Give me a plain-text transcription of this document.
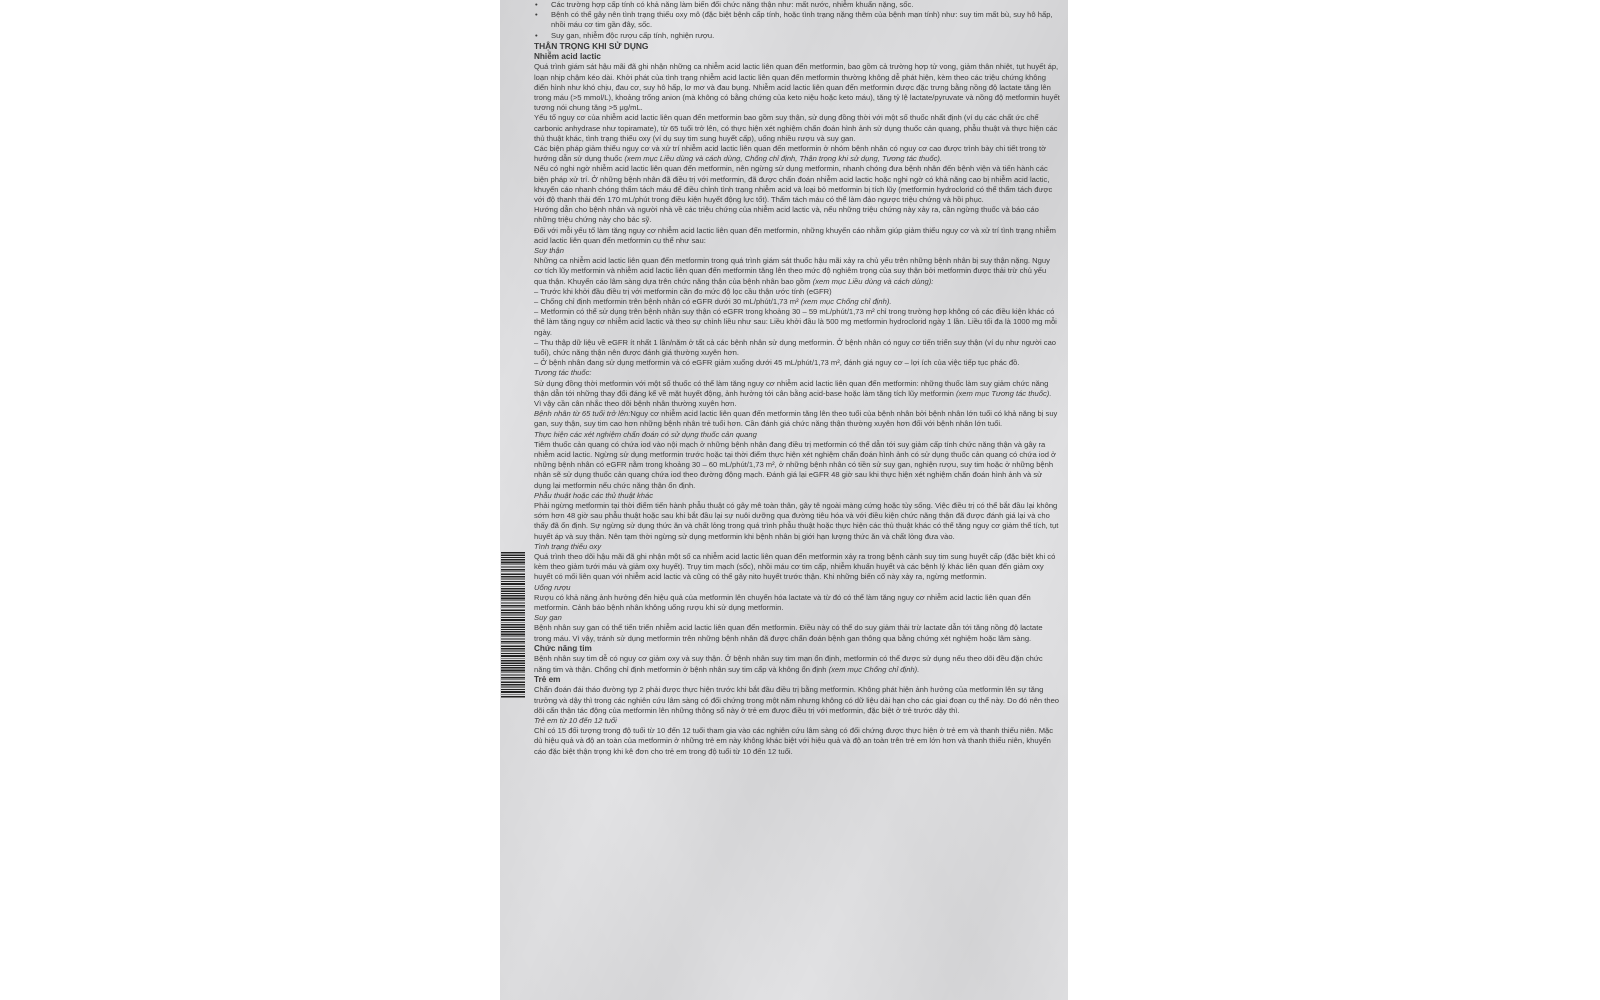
• Các trường hợp cấp tính có khả năng làm biến đổi chức năng thận như: mất nước, nhiễm khuẩn nặng, sốc.

• Bệnh có thể gây nên tình trạng thiếu oxy mô (đặc biệt bệnh cấp tính, hoặc tình trạng nặng thêm của bệnh mạn tính) như: suy tim mất bù, suy hô hấp, nhồi máu cơ tim gần đây, sốc.

• Suy gan, nhiễm độc rượu cấp tính, nghiện rượu.

THẬN TRỌNG KHI SỬ DỤNG

Nhiễm acid lactic

Quá trình giám sát hậu mãi đã ghi nhận những ca nhiễm acid lactic liên quan đến metformin, bao gồm cả trường hợp tử vong, giảm thân nhiệt, tụt huyết áp, loạn nhịp chậm kéo dài. Khởi phát của tình trạng nhiễm acid lactic liên quan đến metformin thường không dễ phát hiện, kèm theo các triệu chứng không điển hình như khó chịu, đau cơ, suy hô hấp, lơ mơ và đau bụng. Nhiễm acid lactic liên quan đến metformin được đặc trưng bằng nồng độ lactate tăng lên trong máu (>5 mmol/L), khoảng trống anion (mà không có bằng chứng của keto niệu hoặc keto máu), tăng tỷ lệ lactate/pyruvate và nồng độ metformin huyết tương nói chung tăng >5 μg/mL.

Yếu tố nguy cơ của nhiễm acid lactic liên quan đến metformin bao gồm suy thận, sử dụng đồng thời với một số thuốc nhất định (ví dụ các chất ức chế carbonic anhydrase như topiramate), từ 65 tuổi trở lên, có thực hiện xét nghiệm chẩn đoán hình ảnh sử dụng thuốc cản quang, phẫu thuật và thực hiện các thủ thuật khác, tình trạng thiếu oxy (ví dụ suy tim sung huyết cấp), uống nhiều rượu và suy gan.

Các biện pháp giảm thiểu nguy cơ và xử trí nhiễm acid lactic liên quan đến metformin ở nhóm bệnh nhân có nguy cơ cao được trình bày chi tiết trong tờ hướng dẫn sử dụng thuốc (xem mục Liều dùng và cách dùng, Chống chỉ định, Thận trọng khi sử dụng, Tương tác thuốc).

Nếu có nghi ngờ nhiễm acid lactic liên quan đến metformin, nên ngừng sử dụng metformin, nhanh chóng đưa bệnh nhân đến bệnh viện và tiến hành các biện pháp xử trí. Ở những bệnh nhân đã điều trị với metformin, đã được chẩn đoán nhiễm acid lactic hoặc nghi ngờ có khả năng cao bị nhiễm acid lactic, khuyến cáo nhanh chóng thẩm tách máu để điều chỉnh tình trạng nhiễm acid và loại bỏ metformin bị tích lũy (metformin hydroclorid có thể thẩm tách được với độ thanh thải đến 170 mL/phút trong điều kiện huyết động lực tốt). Thẩm tách máu có thể làm đảo ngược triệu chứng và hồi phục.

Hướng dẫn cho bệnh nhân và người nhà về các triệu chứng của nhiễm acid lactic và, nếu những triệu chứng này xảy ra, cần ngừng thuốc và báo cáo những triệu chứng này cho bác sỹ.

Đối với mỗi yếu tố làm tăng nguy cơ nhiễm acid lactic liên quan đến metformin, những khuyến cáo nhằm giúp giảm thiểu nguy cơ và xử trí tình trạng nhiễm acid lactic liên quan đến metformin cụ thể như sau:

Suy thận

Những ca nhiễm acid lactic liên quan đến metformin trong quá trình giám sát thuốc hậu mãi xảy ra chủ yếu trên những bệnh nhân bị suy thận nặng. Nguy cơ tích lũy metformin và nhiễm acid lactic liên quan đến metformin tăng lên theo mức độ nghiêm trọng của suy thận bởi metformin được thải trừ chủ yếu qua thận. Khuyến cáo lâm sàng dựa trên chức năng thận của bệnh nhân bao gồm (xem mục Liều dùng và cách dùng):

– Trước khi khởi đầu điều trị với metformin cần đo mức độ lọc cầu thận ước tính (eGFR)

– Chống chỉ định metformin trên bệnh nhân có eGFR dưới 30 mL/phút/1,73 m² (xem mục Chống chỉ định).

– Metformin có thể sử dụng trên bệnh nhân suy thận có eGFR trong khoảng 30 – 59 mL/phút/1,73 m² chỉ trong trường hợp không có các điều kiện khác có thể làm tăng nguy cơ nhiễm acid lactic và theo sự chỉnh liều như sau: Liều khởi đầu là 500 mg metformin hydroclorid ngày 1 lần. Liều tối đa là 1000 mg mỗi ngày.

– Thu thập dữ liệu về eGFR ít nhất 1 lần/năm ở tất cả các bệnh nhân sử dụng metformin. Ở bệnh nhân có nguy cơ tiến triển suy thận (ví dụ như người cao tuổi), chức năng thận nên được đánh giá thường xuyên hơn.

– Ở bệnh nhân đang sử dụng metformin và có eGFR giảm xuống dưới 45 mL/phút/1,73 m², đánh giá nguy cơ – lợi ích của việc tiếp tục phác đồ.

Tương tác thuốc:

Sử dụng đồng thời metformin với một số thuốc có thể làm tăng nguy cơ nhiễm acid lactic liên quan đến metformin: những thuốc làm suy giảm chức năng thận dẫn tới những thay đổi đáng kể về mặt huyết động, ảnh hưởng tới cân bằng acid-base hoặc làm tăng tích lũy metformin (xem mục Tương tác thuốc). Vì vậy cần cân nhắc theo dõi bệnh nhân thường xuyên hơn.

Bệnh nhân từ 65 tuổi trở lên:Nguy cơ nhiễm acid lactic liên quan đến metformin tăng lên theo tuổi của bệnh nhân bởi bệnh nhân lớn tuổi có khả năng bị suy gan, suy thận, suy tim cao hơn những bệnh nhân trẻ tuổi hơn. Cần đánh giá chức năng thận thường xuyên hơn đối với bệnh nhân lớn tuổi.

Thực hiện các xét nghiệm chẩn đoán có sử dụng thuốc cản quang

Tiêm thuốc cản quang có chứa iod vào nội mạch ở những bệnh nhân đang điều trị metformin có thể dẫn tới suy giảm cấp tính chức năng thận và gây ra nhiễm acid lactic. Ngừng sử dụng metformin trước hoặc tại thời điểm thực hiện xét nghiệm chẩn đoán hình ảnh có sử dụng thuốc cản quang có chứa iod ở những bệnh nhân có eGFR nằm trong khoảng 30 – 60 mL/phút/1,73 m², ở những bệnh nhân có tiền sử suy gan, nghiện rượu, suy tim hoặc ở những bệnh nhân sẽ sử dụng thuốc cản quang chứa iod theo đường động mạch. Đánh giá lại eGFR 48 giờ sau khi thực hiện xét nghiệm chẩn đoán hình ảnh và sử dụng lại metformin nếu chức năng thận ổn định.

Phẫu thuật hoặc các thủ thuật khác

Phải ngừng metformin tại thời điểm tiến hành phẫu thuật có gây mê toàn thân, gây tê ngoài màng cứng hoặc tủy sống. Việc điều trị có thể bắt đầu lại không sớm hơn 48 giờ sau phẫu thuật hoặc sau khi bắt đầu lại sự nuôi dưỡng qua đường tiêu hóa và với điều kiện chức năng thận đã được đánh giá lại và cho thấy đã ổn định. Sự ngừng sử dụng thức ăn và chất lỏng trong quá trình phẫu thuật hoặc thực hiện các thủ thuật khác có thể tăng nguy cơ giảm thể tích, tụt huyết áp và suy thận. Nên tạm thời ngừng sử dụng metformin khi bệnh nhân bị giới hạn lượng thức ăn và chất lỏng đưa vào.

Tình trạng thiếu oxy

Quá trình theo dõi hậu mãi đã ghi nhận một số ca nhiễm acid lactic liên quan đến metformin xảy ra trong bệnh cảnh suy tim sung huyết cấp (đặc biệt khi có kèm theo giảm tưới máu và giảm oxy huyết). Trụy tim mạch (sốc), nhồi máu cơ tim cấp, nhiễm khuẩn huyết và các bệnh lý khác liên quan đến giảm oxy huyết có mối liên quan với nhiễm acid lactic và cũng có thể gây nito huyết trước thận. Khi những biến cố này xảy ra, ngừng metformin.

Uống rượu

Rượu có khả năng ảnh hưởng đến hiệu quả của metformin lên chuyển hóa lactate và từ đó có thể làm tăng nguy cơ nhiễm acid lactic liên quan đến metformin. Cảnh báo bệnh nhân không uống rượu khi sử dụng metformin.

Suy gan

Bệnh nhân suy gan có thể tiến triển nhiễm acid lactic liên quan đến metformin. Điều này có thể do suy giảm thải trừ lactate dẫn tới tăng nồng độ lactate trong máu. Vì vậy, tránh sử dụng metformin trên những bệnh nhân đã được chẩn đoán bệnh gan thông qua bằng chứng xét nghiệm hoặc lâm sàng.

Chức năng tim

Bệnh nhân suy tim dễ có nguy cơ giảm oxy và suy thận. Ở bệnh nhân suy tim mạn ổn định, metformin có thể được sử dụng nếu theo dõi đều đặn chức năng tim và thận. Chống chỉ định metformin ở bệnh nhân suy tim cấp và không ổn định (xem mục Chống chỉ định).

Trẻ em

Chẩn đoán đái tháo đường typ 2 phải được thực hiện trước khi bắt đầu điều trị bằng metformin. Không phát hiện ảnh hưởng của metformin lên sự tăng trưởng và dậy thì trong các nghiên cứu lâm sàng có đối chứng trong một năm nhưng không có dữ liệu dài hạn cho các giai đoạn cụ thể này. Do đó nên theo dõi cẩn thận tác động của metformin lên những thông số này ở trẻ em được điều trị với metformin, đặc biệt ở trẻ trước dậy thì.

Trẻ em từ 10 đến 12 tuổi

Chỉ có 15 đối tượng trong độ tuổi từ 10 đến 12 tuổi tham gia vào các nghiên cứu lâm sàng có đối chứng được thực hiện ở trẻ em và thanh thiếu niên. Mặc dù hiệu quả và độ an toàn của metformin ở những trẻ em này không khác biệt với hiệu quả và độ an toàn trên trẻ em lớn hơn và thanh thiếu niên, khuyến cáo đặc biệt thận trọng khi kê đơn cho trẻ em trong độ tuổi từ 10 đến 12 tuổi.
